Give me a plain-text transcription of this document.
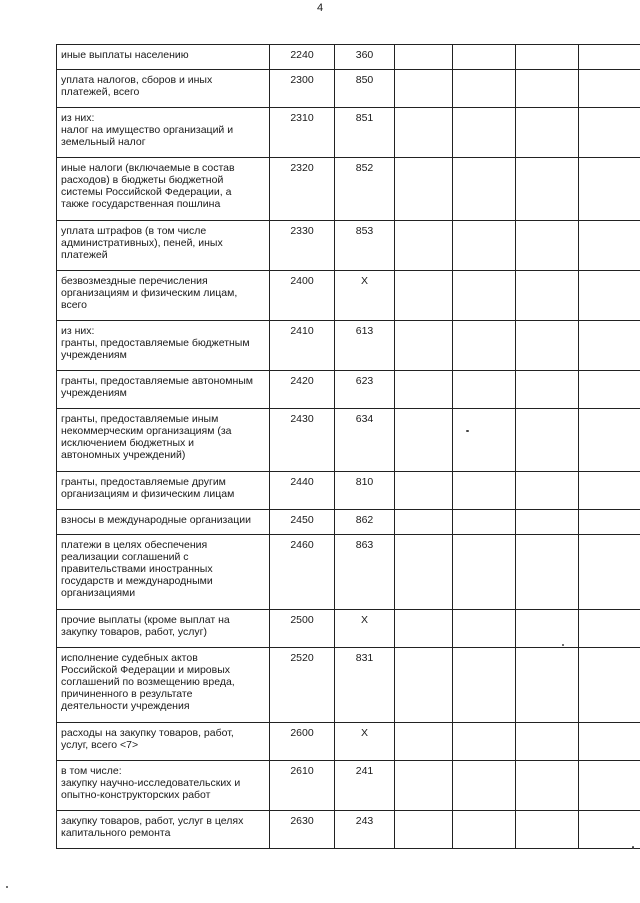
4
иные выплаты населению	2240	360				

уплата налогов, сборов и иных
платежей, всего	2300	850				

из них:
налог на имущество организаций и
земельный налог	2310	851				

иные налоги (включаемые в состав
расходов) в бюджеты бюджетной
системы Российской Федерации, а
также государственная пошлина	2320	852				

уплата штрафов (в том числе
административных), пеней, иных
платежей	2330	853				

безвозмездные перечисления
организациям и физическим лицам,
всего	2400	X				

из них:
гранты, предоставляемые бюджетным
учреждениям	2410	613				

гранты, предоставляемые автономным
учреждениям	2420	623				

гранты, предоставляемые иным
некоммерческим организациям (за
исключением бюджетных и
автономных учреждений)	2430	634				

гранты, предоставляемые другим
организациям и физическим лицам	2440	810				

взносы в международные организации	2450	862				

платежи в целях обеспечения
реализации соглашений с
правительствами иностранных
государств и международными
организациями	2460	863				

прочие выплаты (кроме выплат на
закупку товаров, работ, услуг)	2500	X				

исполнение судебных актов
Российской Федерации и мировых
соглашений по возмещению вреда,
причиненного в результате
деятельности учреждения	2520	831				

расходы на закупку товаров, работ,
услуг, всего <7>	2600	X				

в том числе:
закупку научно-исследовательских и
опытно-конструкторских работ	2610	241				

закупку товаров, работ, услуг в целях
капитального ремонта	2630	243				
